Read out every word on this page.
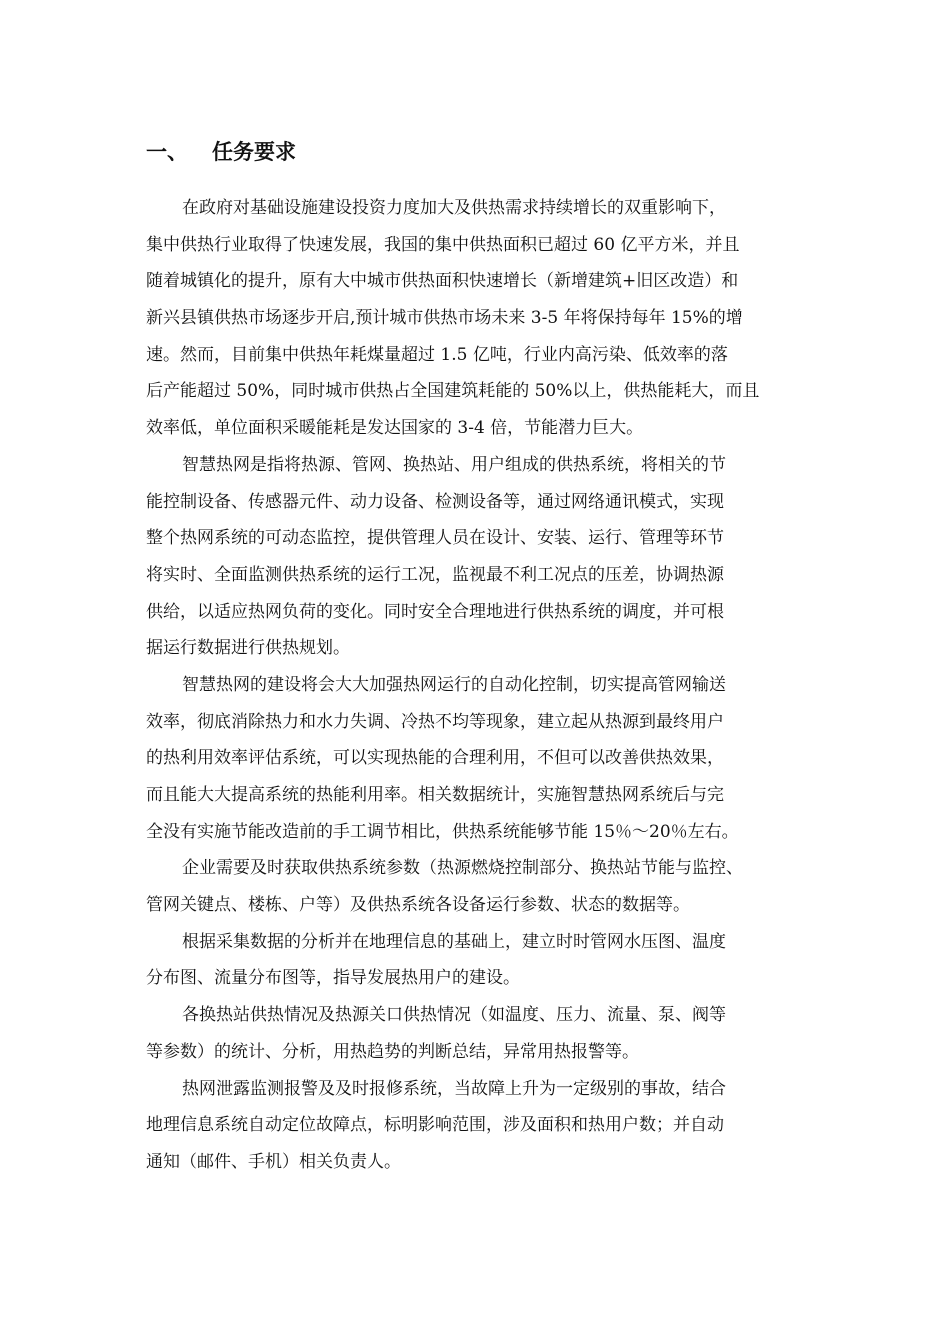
一、 任务要求
在政府对基础设施建设投资力度加大及供热需求持续增长的双重影响下，
集中供热行业取得了快速发展，我国的集中供热面积已超过 60 亿平方米，并且
随着城镇化的提升，原有大中城市供热面积快速增长（新增建筑+旧区改造）和
新兴县镇供热市场逐步开启,预计城市供热市场未来 3-5 年将保持每年 15%的增
速。然而，目前集中供热年耗煤量超过 1.5 亿吨，行业内高污染、低效率的落
后产能超过 50%，同时城市供热占全国建筑耗能的 50%以上，供热能耗大，而且
效率低，单位面积采暖能耗是发达国家的 3-4 倍，节能潜力巨大。
智慧热网是指将热源、管网、换热站、用户组成的供热系统，将相关的节
能控制设备、传感器元件、动力设备、检测设备等，通过网络通讯模式，实现
整个热网系统的可动态监控，提供管理人员在设计、安装、运行、管理等环节
将实时、全面监测供热系统的运行工况，监视最不利工况点的压差，协调热源
供给，以适应热网负荷的变化。同时安全合理地进行供热系统的调度，并可根
据运行数据进行供热规划。
智慧热网的建设将会大大加强热网运行的自动化控制，切实提高管网输送
效率，彻底消除热力和水力失调、冷热不均等现象，建立起从热源到最终用户
的热利用效率评估系统，可以实现热能的合理利用，不但可以改善供热效果，
而且能大大提高系统的热能利用率。相关数据统计，实施智慧热网系统后与完
全没有实施节能改造前的手工调节相比，供热系统能够节能 15％～20％左右。
企业需要及时获取供热系统参数（热源燃烧控制部分、换热站节能与监控、
管网关键点、楼栋、户等）及供热系统各设备运行参数、状态的数据等。
根据采集数据的分析并在地理信息的基础上，建立时时管网水压图、温度
分布图、流量分布图等，指导发展热用户的建设。
各换热站供热情况及热源关口供热情况（如温度、压力、流量、泵、阀等
等参数）的统计、分析，用热趋势的判断总结，异常用热报警等。
热网泄露监测报警及及时报修系统，当故障上升为一定级别的事故，结合
地理信息系统自动定位故障点，标明影响范围，涉及面积和热用户数；并自动
通知（邮件、手机）相关负责人。
